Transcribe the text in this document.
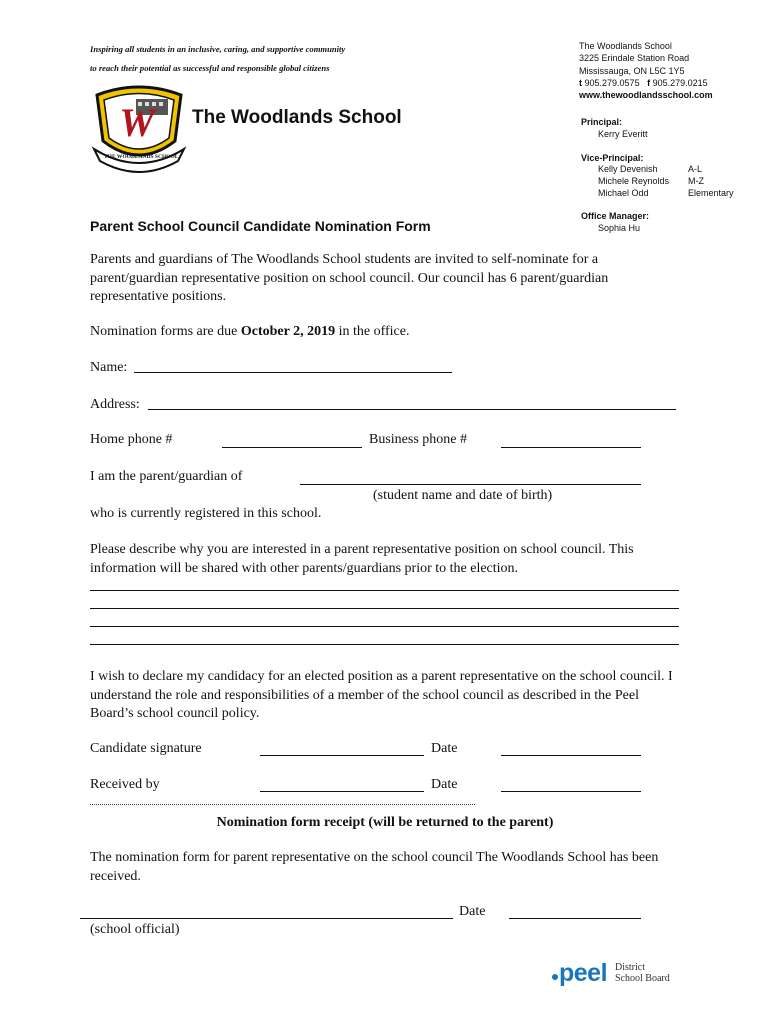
Inspiring all students in an inclusive, caring, and supportive community
to reach their potential as successful and responsible global citizens
W
THE WOODLANDS SCHOOL
The Woodlands School
The Woodlands School
3225 Erindale Station Road
Mississauga, ON L5C 1Y5
t 905.279.0575 f 905.279.0215
www.thewoodlandsschool.com
Principal:
Kerry Everitt
Vice-Principal:
Kelly Devenish	A-L
Michele Reynolds M-Z
Michael Odd	Elementary
Office Manager:
Sophia Hu
Parent School Council Candidate Nomination Form
Parents and guardians of The Woodlands School students are invited to self-nominate for a parent/guardian representative position on school council. Our council has 6 parent/guardian representative positions.
Nomination forms are due October 2, 2019 in the office.
Name:
Address:
Home phone #	Business phone #
I am the parent/guardian of
(student name and date of birth)
who is currently registered in this school.
Please describe why you are interested in a parent representative position on school council. This information will be shared with other parents/guardians prior to the election.
I wish to declare my candidacy for an elected position as a parent representative on the school council. I understand the role and responsibilities of a member of the school council as described in the Peel Board’s school council policy.
Candidate signature	Date
Received by	Date
Nomination form receipt (will be returned to the parent)
The nomination form for parent representative on the school council The Woodlands School has been received.
Date
(school official)
peel District
School Board
